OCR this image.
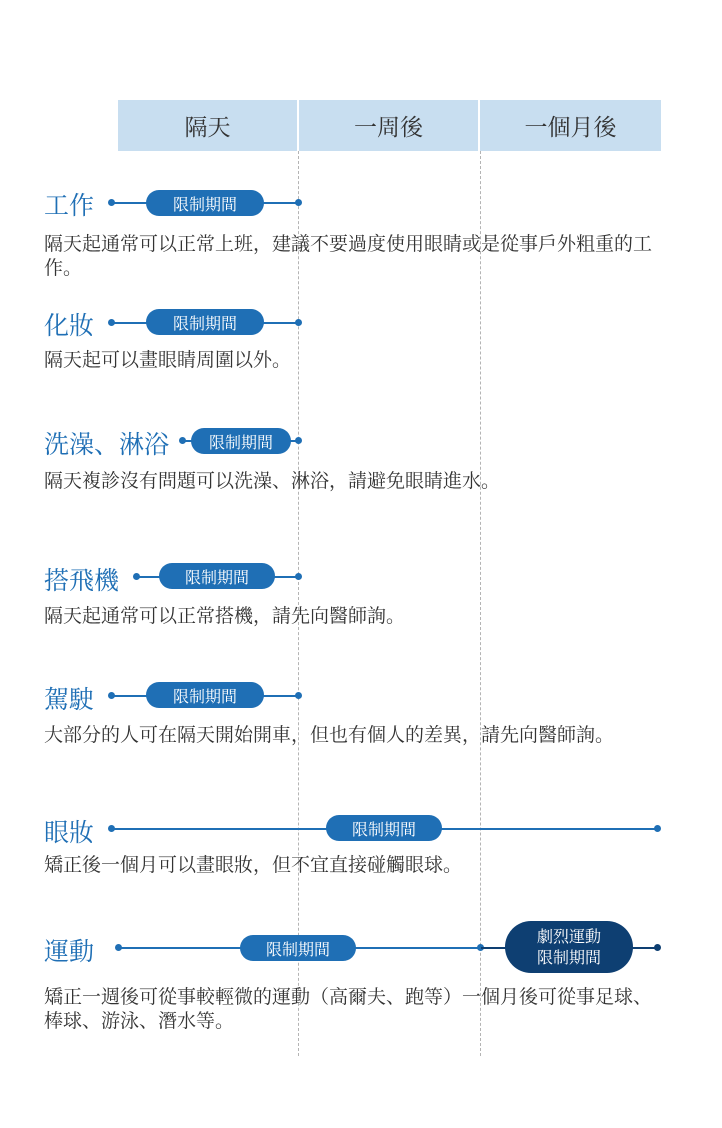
隔天	一周後	一個月後
工作	限制期間
隔天起通常可以正常上班，建議不要過度使用眼睛或是從事戶外粗重的工作。
化妝	限制期間
隔天起可以畫眼睛周圍以外。
洗澡、淋浴	限制期間
隔天複診沒有問題可以洗澡、淋浴，請避免眼睛進水。
搭飛機	限制期間
隔天起通常可以正常搭機，請先向醫師詢。
駕駛	限制期間
大部分的人可在隔天開始開車，但也有個人的差異，請先向醫師詢。
眼妝	限制期間
矯正後一個月可以畫眼妝，但不宜直接碰觸眼球。
運動	限制期間
劇烈運動
限制期間
矯正一週後可從事較輕微的運動（高爾夫、跑等）一個月後可從事足球、棒球、游泳、潛水等。
